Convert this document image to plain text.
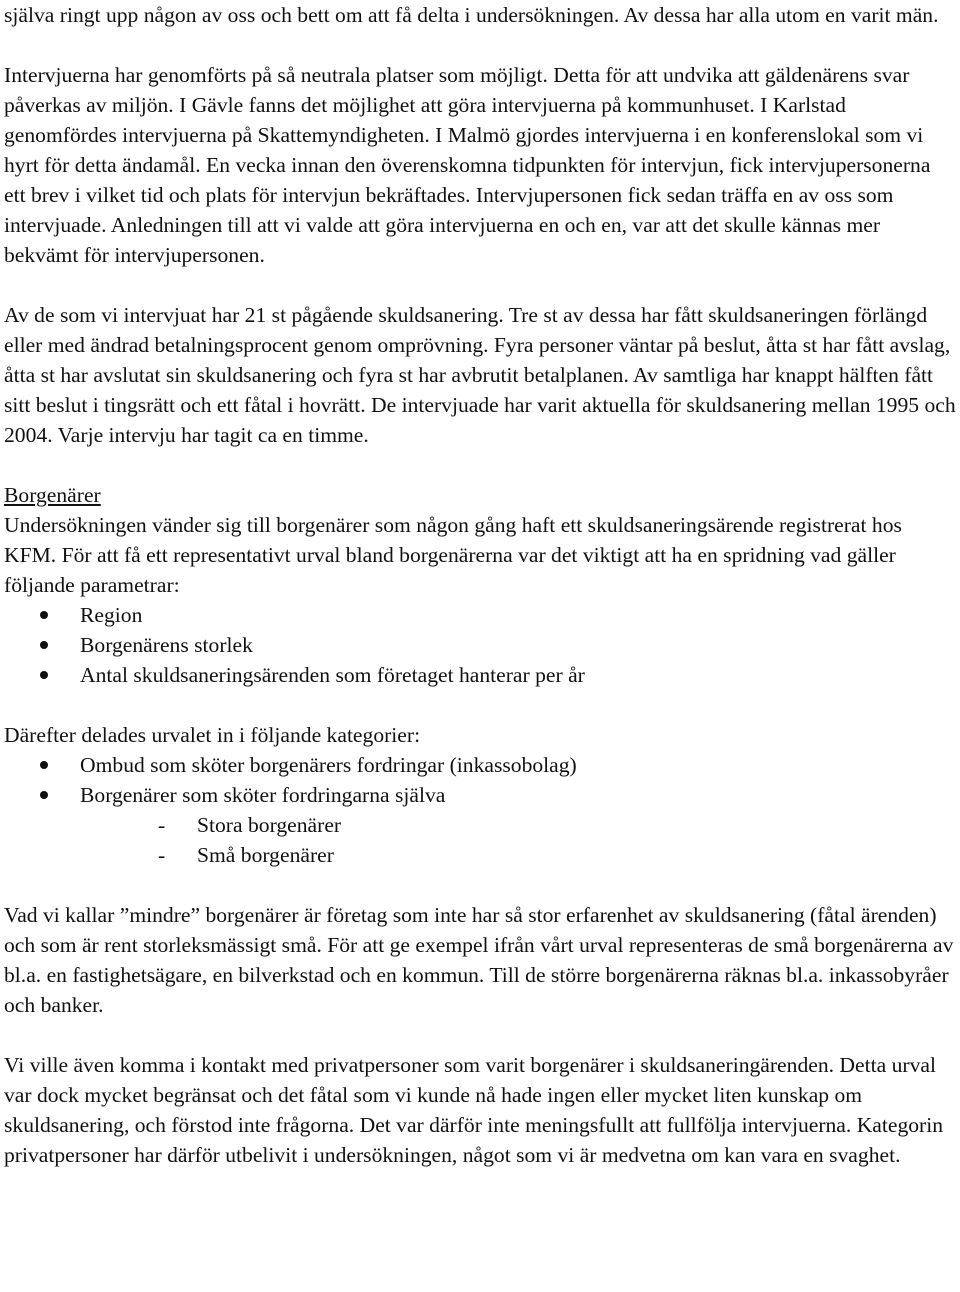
själva ringt upp någon av oss och bett om att få delta i undersökningen. Av dessa har alla utom en varit män.

Intervjuerna har genomförts på så neutrala platser som möjligt. Detta för att undvika att gäldenärens svar påverkas av miljön. I Gävle fanns det möjlighet att göra intervjuerna på kommunhuset. I Karlstad genomfördes intervjuerna på Skattemyndigheten. I Malmö gjordes intervjuerna i en konferenslokal som vi hyrt för detta ändamål. En vecka innan den överenskomna tidpunkten för intervjun, fick intervjupersonerna ett brev i vilket tid och plats för intervjun bekräftades. Intervjupersonen fick sedan träffa en av oss som intervjuade. Anledningen till att vi valde att göra intervjuerna en och en, var att det skulle kännas mer bekvämt för intervjupersonen.

Av de som vi intervjuat har 21 st pågående skuldsanering. Tre st av dessa har fått skuldsaneringen förlängd eller med ändrad betalningsprocent genom omprövning. Fyra personer väntar på beslut, åtta st har fått avslag, åtta st har avslutat sin skuldsanering och fyra st har avbrutit betalplanen. Av samtliga har knappt hälften fått sitt beslut i tingsrätt och ett fåtal i hovrätt. De intervjuade har varit aktuella för skuldsanering mellan 1995 och 2004. Varje intervju har tagit ca en timme.

Borgenärer

Undersökningen vänder sig till borgenärer som någon gång haft ett skuldsaneringsärende registrerat hos KFM. För att få ett representativt urval bland borgenärerna var det viktigt att ha en spridning vad gäller följande parametrar:

Region
Borgenärens storlek
Antal skuldsaneringsärenden som företaget hanterar per år

Därefter delades urvalet in i följande kategorier:

Ombud som sköter borgenärers fordringar (inkassobolag)
Borgenärer som sköter fordringarna själva
- Stora borgenärer
- Små borgenärer

Vad vi kallar ”mindre” borgenärer är företag som inte har så stor erfarenhet av skuldsanering (fåtal ärenden) och som är rent storleksmässigt små. För att ge exempel ifrån vårt urval representeras de små borgenärerna av bl.a. en fastighetsägare, en bilverkstad och en kommun. Till de större borgenärerna räknas bl.a. inkassobyråer och banker.

Vi ville även komma i kontakt med privatpersoner som varit borgenärer i skuldsaneringärenden. Detta urval var dock mycket begränsat och det fåtal som vi kunde nå hade ingen eller mycket liten kunskap om skuldsanering, och förstod inte frågorna. Det var därför inte meningsfullt att fullfölja intervjuerna. Kategorin privatpersoner har därför utbelivit i undersökningen, något som vi är medvetna om kan vara en svaghet.
